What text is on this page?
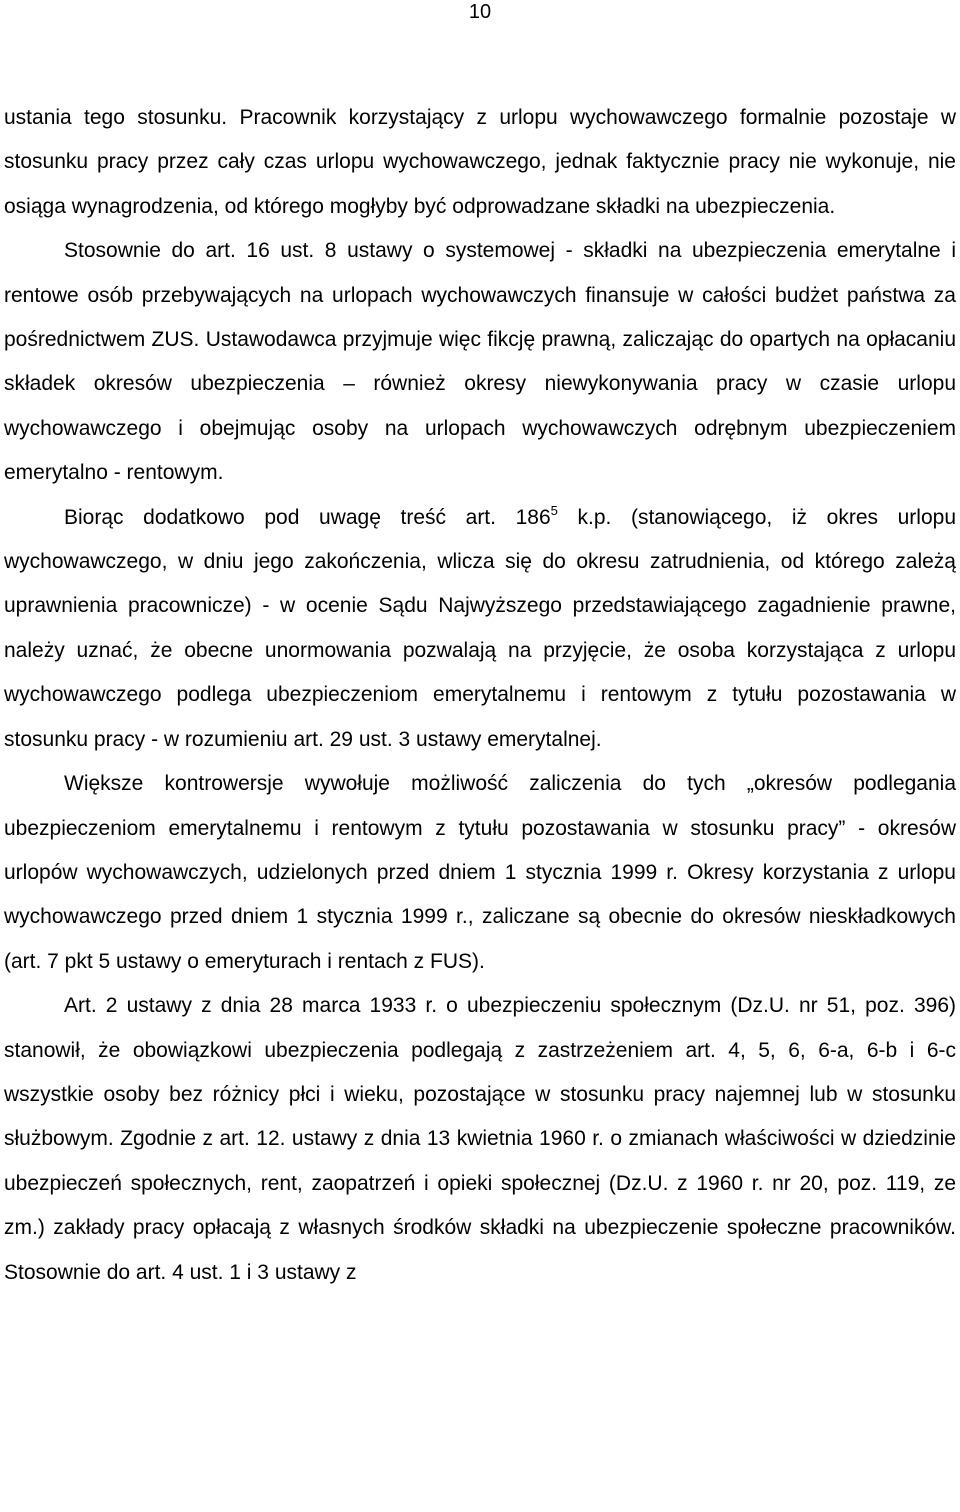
10

ustania tego stosunku. Pracownik korzystający z urlopu wychowawczego formalnie pozostaje w stosunku pracy przez cały czas urlopu wychowawczego, jednak faktycznie pracy nie wykonuje, nie osiąga wynagrodzenia, od którego mogłyby być odprowadzane składki na ubezpieczenia.

Stosownie do art. 16 ust. 8 ustawy o systemowej - składki na ubezpieczenia emerytalne i rentowe osób przebywających na urlopach wychowawczych finansuje w całości budżet państwa za pośrednictwem ZUS. Ustawodawca przyjmuje więc fikcję prawną, zaliczając do opartych na opłacaniu składek okresów ubezpieczenia – również okresy niewykonywania pracy w czasie urlopu wychowawczego i obejmując osoby na urlopach wychowawczych odrębnym ubezpieczeniem emerytalno - rentowym.

Biorąc dodatkowo pod uwagę treść art. $186^5$ k.p. (stanowiącego, iż okres urlopu wychowawczego, w dniu jego zakończenia, wlicza się do okresu zatrudnienia, od którego zależą uprawnienia pracownicze) - w ocenie Sądu Najwyższego przedstawiającego zagadnienie prawne, należy uznać, że obecne unormowania pozwalają na przyjęcie, że osoba korzystająca z urlopu wychowawczego podlega ubezpieczeniom emerytalnemu i rentowym z tytułu pozostawania w stosunku pracy - w rozumieniu art. 29 ust. 3 ustawy emerytalnej.

Większe kontrowersje wywołuje możliwość zaliczenia do tych „okresów podlegania ubezpieczeniom emerytalnemu i rentowym z tytułu pozostawania w stosunku pracy” - okresów urlopów wychowawczych, udzielonych przed dniem 1 stycznia 1999 r. Okresy korzystania z urlopu wychowawczego przed dniem 1 stycznia 1999 r., zaliczane są obecnie do okresów nieskładkowych (art. 7 pkt 5 ustawy o emeryturach i rentach z FUS).

Art. 2 ustawy z dnia 28 marca 1933 r. o ubezpieczeniu społecznym (Dz.U. nr 51, poz. 396) stanowił, że obowiązkowi ubezpieczenia podlegają z zastrzeżeniem art. 4, 5, 6, 6-a, 6-b i 6-c wszystkie osoby bez różnicy płci i wieku, pozostające w stosunku pracy najemnej lub w stosunku służbowym. Zgodnie z art. 12. ustawy z dnia 13 kwietnia 1960 r. o zmianach właściwości w dziedzinie ubezpieczeń społecznych, rent, zaopatrzeń i opieki społecznej (Dz.U. z 1960 r. nr 20, poz. 119, ze zm.) zakłady pracy opłacają z własnych środków składki na ubezpieczenie społeczne pracowników. Stosownie do art. 4 ust. 1 i 3 ustawy z
